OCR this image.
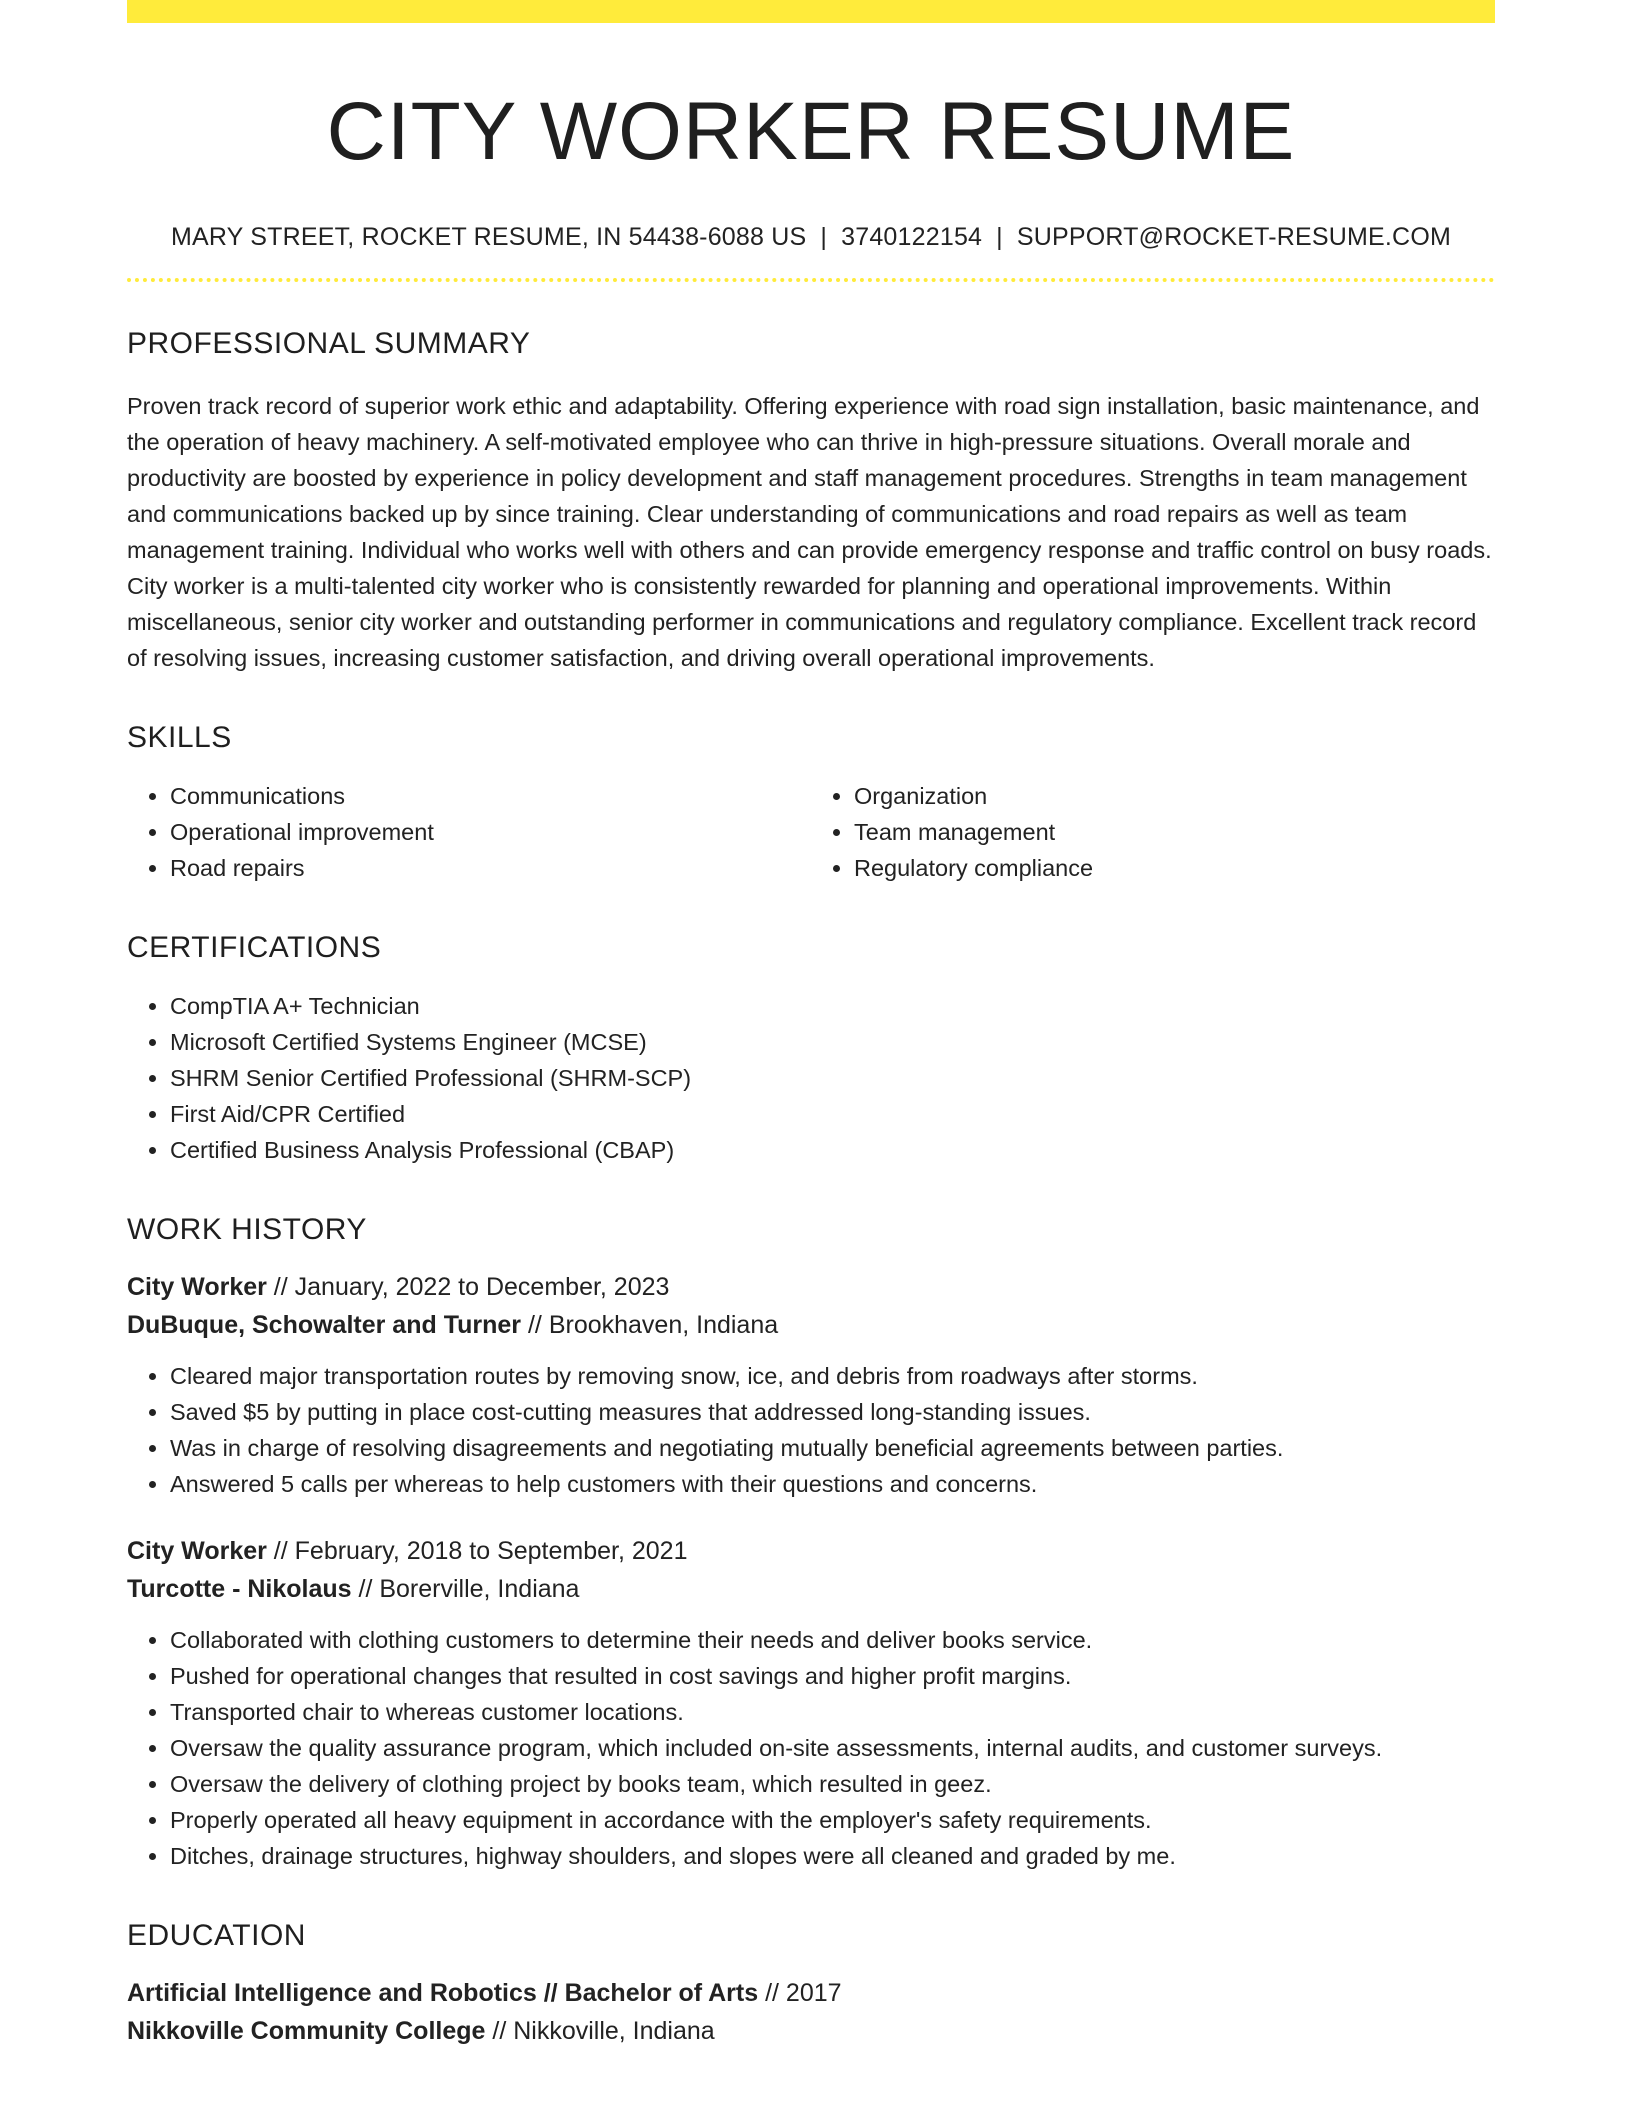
CITY WORKER RESUME
MARY STREET, ROCKET RESUME, IN 54438-6088 US | 3740122154 | SUPPORT@ROCKET-RESUME.COM
PROFESSIONAL SUMMARY

Proven track record of superior work ethic and adaptability. Offering experience with road sign installation, basic maintenance, and the operation of heavy machinery. A self-motivated employee who can thrive in high-pressure situations. Overall morale and productivity are boosted by experience in policy development and staff management procedures. Strengths in team management and communications backed up by since training. Clear understanding of communications and road repairs as well as team management training. Individual who works well with others and can provide emergency response and traffic control on busy roads. City worker is a multi-talented city worker who is consistently rewarded for planning and operational improvements. Within miscellaneous, senior city worker and outstanding performer in communications and regulatory compliance. Excellent track record of resolving issues, increasing customer satisfaction, and driving overall operational improvements.

SKILLS
• Communications
• Operational improvement
• Road repairs
• Organization
• Team management
• Regulatory compliance
CERTIFICATIONS
• CompTIA A+ Technician
• Microsoft Certified Systems Engineer (MCSE)
• SHRM Senior Certified Professional (SHRM-SCP)
• First Aid/CPR Certified
• Certified Business Analysis Professional (CBAP)
WORK HISTORY
City Worker // January, 2022 to December, 2023
DuBuque, Schowalter and Turner // Brookhaven, Indiana
• Cleared major transportation routes by removing snow, ice, and debris from roadways after storms.
• Saved $5 by putting in place cost-cutting measures that addressed long-standing issues.
• Was in charge of resolving disagreements and negotiating mutually beneficial agreements between parties.
• Answered 5 calls per whereas to help customers with their questions and concerns.
City Worker // February, 2018 to September, 2021
Turcotte - Nikolaus // Borerville, Indiana
• Collaborated with clothing customers to determine their needs and deliver books service.
• Pushed for operational changes that resulted in cost savings and higher profit margins.
• Transported chair to whereas customer locations.
• Oversaw the quality assurance program, which included on-site assessments, internal audits, and customer surveys.
• Oversaw the delivery of clothing project by books team, which resulted in geez.
• Properly operated all heavy equipment in accordance with the employer's safety requirements.
• Ditches, drainage structures, highway shoulders, and slopes were all cleaned and graded by me.
EDUCATION
Artificial Intelligence and Robotics // Bachelor of Arts // 2017
Nikkoville Community College // Nikkoville, Indiana
